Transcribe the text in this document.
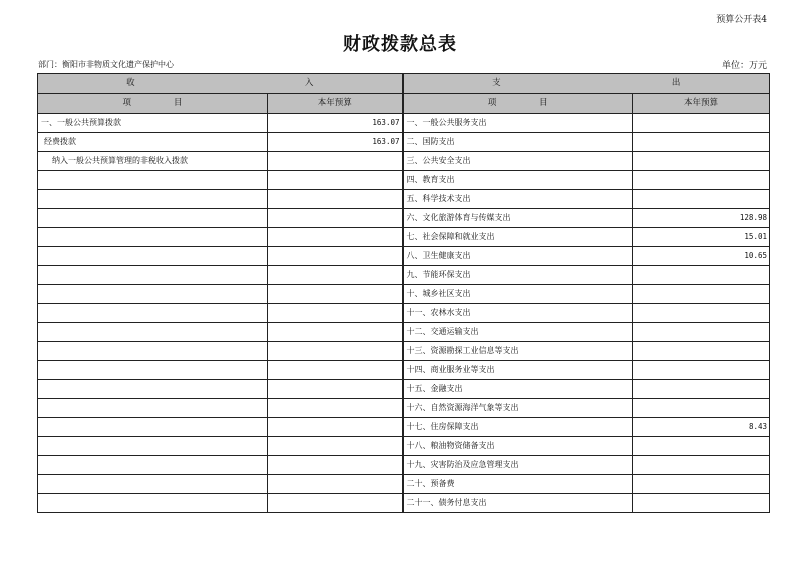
预算公开表4
财政拨款总表
部门：衡阳市非物质文化遗产保护中心	单位：万元
收 入		支 出	

项 目	本年预算	项 目	本年预算
一、一般公共预算拨款	163.07	一、一般公共服务支出	
经费拨款	163.07	二、国防支出	
纳入一般公共预算管理的非税收入拨款		三、公共安全支出	
		四、教育支出	
		五、科学技术支出	
		六、文化旅游体育与传媒支出	128.98
		七、社会保障和就业支出	15.01
		八、卫生健康支出	10.65
		九、节能环保支出	
		十、城乡社区支出	
		十一、农林水支出	
		十二、交通运输支出	
		十三、资源勘探工业信息等支出	
		十四、商业服务业等支出	
		十五、金融支出	
		十六、自然资源海洋气象等支出	
		十七、住房保障支出	8.43
		十八、粮油物资储备支出	
		十九、灾害防治及应急管理支出	
		二十、预备费	
		二十一、债务付息支出	
